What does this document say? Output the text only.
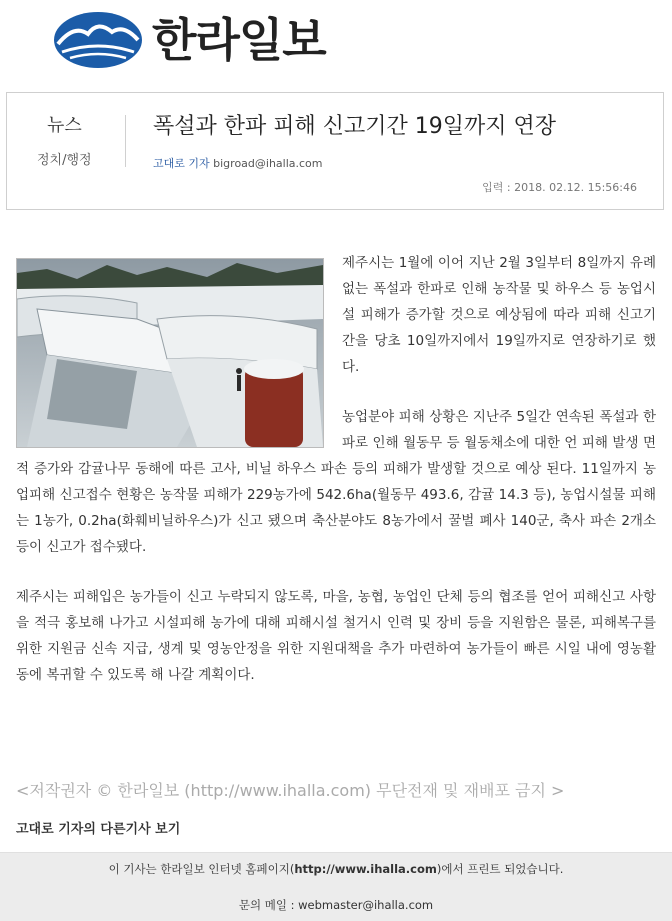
한라일보
뉴스
정치/행정
폭설과 한파 피해 신고기간 19일까지 연장
고대로 기자 bigroad@ihalla.com
입력 : 2018. 02.12. 15:56:46

제주시는 1월에 이어 지난 2월 3일부터 8일까지 유례없는 폭설과 한파로 인해 농작물 및 하우스 등 농업시설 피해가 증가할 것으로 예상됨에 따라 피해 신고기간을 당초 10일까지에서 19일까지로 연장하기로 했다.

농업분야 피해 상황은 지난주 5일간 연속된 폭설과 한파로 인해 월동무 등 월동채소에 대한 언 피해 발생 면적 증가와 감귤나무 동해에 따른 고사, 비닐 하우스 파손 등의 피해가 발생할 것으로 예상 된다. 11일까지 농업피해 신고접수 현황은 농작물 피해가 229농가에 542.6ha(월동무 493.6, 감귤 14.3 등), 농업시설물 피해는 1농가, 0.2ha(화훼비닐하우스)가 신고 됐으며 축산분야도 8농가에서 꿀벌 폐사 140군, 축사 파손 2개소 등이 신고가 접수됐다.

제주시는 피해입은 농가들이 신고 누락되지 않도록, 마을, 농협, 농업인 단체 등의 협조를 얻어 피해신고 사항을 적극 홍보해 나가고 시설피해 농가에 대해 피해시설 철거시 인력 및 장비 등을 지원함은 물론, 피해복구를 위한 지원금 신속 지급, 생계 및 영농안정을 위한 지원대책을 추가 마련하여 농가들이 빠른 시일 내에 영농활동에 복귀할 수 있도록 해 나갈 계획이다.

<저작권자 © 한라일보 (http://www.ihalla.com) 무단전재 및 재배포 금지 >
고대로 기자의 다른기사 보기
이 기사는 한라일보 인터넷 홈페이지(http://www.ihalla.com)에서 프린트 되었습니다.
문의 메일 : webmaster@ihalla.com
